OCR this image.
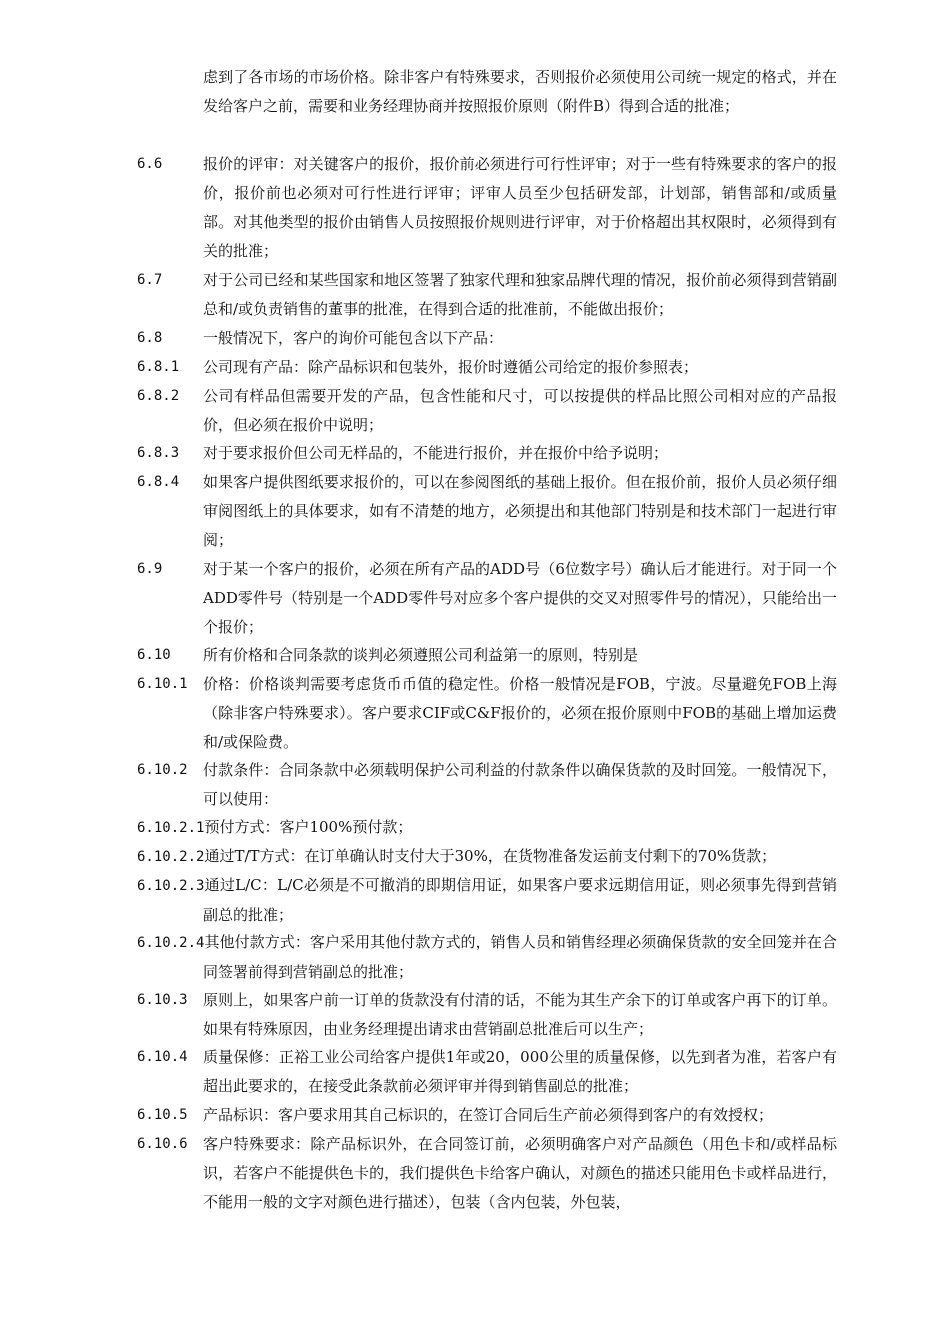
虑到了各市场的市场价格。除非客户有特殊要求，否则报价必须使用公司统一规定的格式，并在发给客户之前，需要和业务经理协商并按照报价原则（附件B）得到合适的批准；
6.6	报价的评审：对关键客户的报价，报价前必须进行可行性评审；对于一些有特殊要求的客户的报价，报价前也必须对可行性进行评审；评审人员至少包括研发部，计划部，销售部和/或质量部。对其他类型的报价由销售人员按照报价规则进行评审，对于价格超出其权限时，必须得到有关的批准；
6.7	对于公司已经和某些国家和地区签署了独家代理和独家品牌代理的情况，报价前必须得到营销副总和/或负责销售的董事的批准，在得到合适的批准前，不能做出报价；
6.8	一般情况下，客户的询价可能包含以下产品：
6.8.1	公司现有产品：除产品标识和包装外，报价时遵循公司给定的报价参照表；
6.8.2	公司有样品但需要开发的产品，包含性能和尺寸，可以按提供的样品比照公司相对应的产品报价，但必须在报价中说明；
6.8.3	对于要求报价但公司无样品的，不能进行报价，并在报价中给予说明；
6.8.4	如果客户提供图纸要求报价的，可以在参阅图纸的基础上报价。但在报价前，报价人员必须仔细审阅图纸上的具体要求，如有不清楚的地方，必须提出和其他部门特别是和技术部门一起进行审阅；
6.9	对于某一个客户的报价，必须在所有产品的ADD号（6位数字号）确认后才能进行。对于同一个ADD零件号（特别是一个ADD零件号对应多个客户提供的交叉对照零件号的情况），只能给出一个报价；
6.10	所有价格和合同条款的谈判必须遵照公司利益第一的原则，特别是
6.10.1	价格：价格谈判需要考虑货币币值的稳定性。价格一般情况是FOB，宁波。尽量避免FOB上海（除非客户特殊要求）。客户要求CIF或C&F报价的，必须在报价原则中FOB的基础上增加运费和/或保险费。
6.10.2	付款条件：合同条款中必须载明保护公司利益的付款条件以确保货款的及时回笼。一般情况下，可以使用：
6.10.2.1预付方式：客户100%预付款；
6.10.2.2通过T/T方式：在订单确认时支付大于30%，在货物准备发运前支付剩下的70%货款；
6.10.2.3通过L/C：L/C必须是不可撤消的即期信用证，如果客户要求远期信用证，则必须事先得到营销副总的批准；
6.10.2.4其他付款方式：客户采用其他付款方式的，销售人员和销售经理必须确保货款的安全回笼并在合同签署前得到营销副总的批准；
6.10.3	原则上，如果客户前一订单的货款没有付清的话，不能为其生产余下的订单或客户再下的订单。 如果有特殊原因，由业务经理提出请求由营销副总批准后可以生产；
6.10.4	质量保修：正裕工业公司给客户提供1年或20，000公里的质量保修，以先到者为准，若客户有超出此要求的，在接受此条款前必须评审并得到销售副总的批准；
6.10.5	产品标识：客户要求用其自己标识的，在签订合同后生产前必须得到客户的有效授权；
6.10.6	客户特殊要求：除产品标识外，在合同签订前，必须明确客户对产品颜色（用色卡和/或样品标识，若客户不能提供色卡的，我们提供色卡给客户确认，对颜色的描述只能用色卡或样品进行，不能用一般的文字对颜色进行描述），包装（含内包装，外包装，
